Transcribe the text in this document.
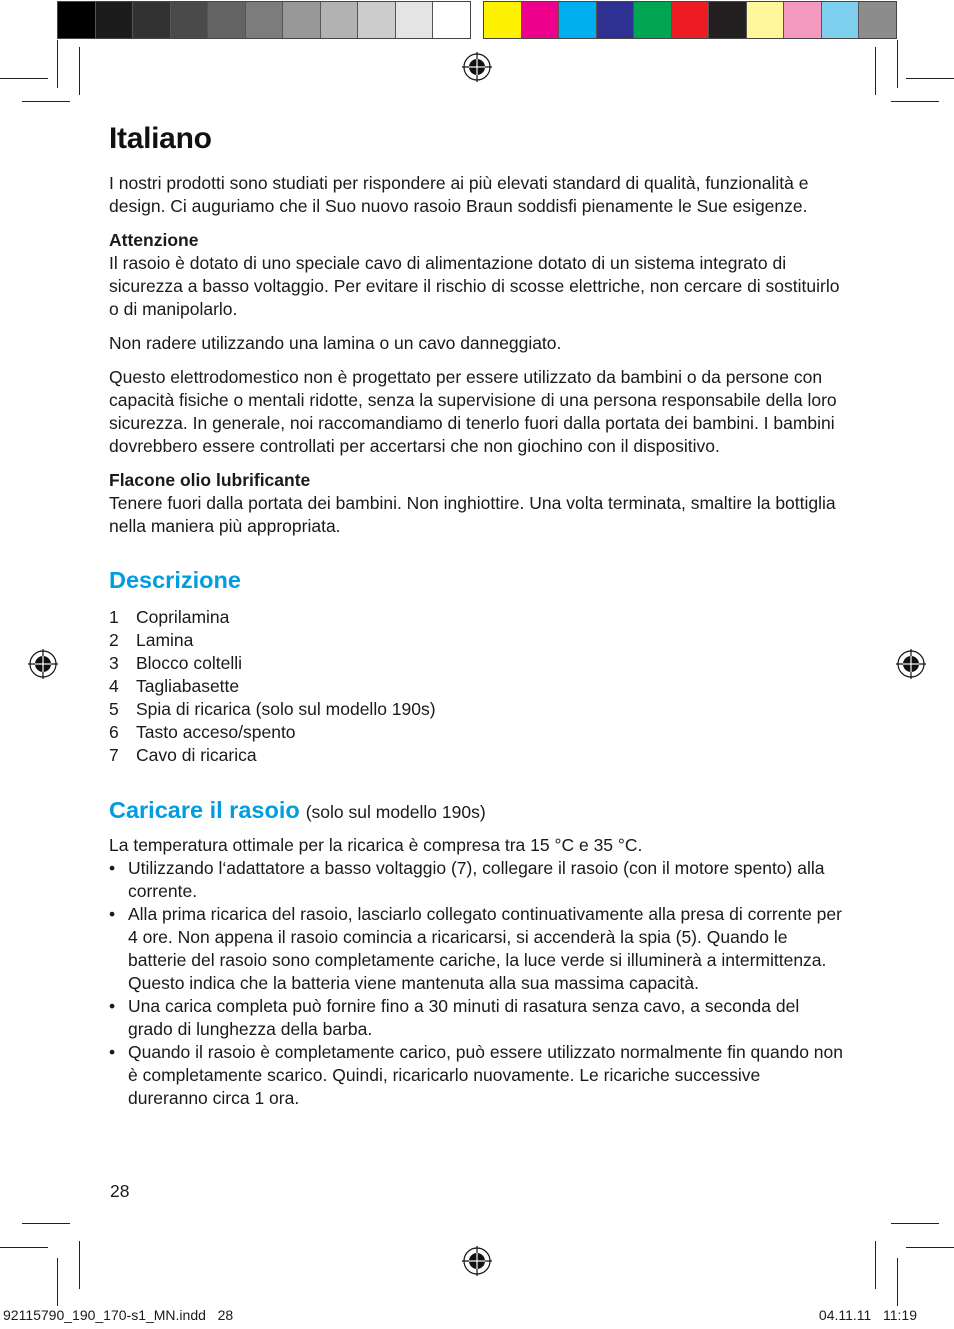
Italiano

I nostri prodotti sono studiati per rispondere ai più elevati standard di qualità, funzionalità e design. Ci auguriamo che il Suo nuovo rasoio Braun soddisfi pienamente le Sue esigenze.

Attenzione
Il rasoio è dotato di uno speciale cavo di alimentazione dotato di un sistema integrato di sicurezza a basso voltaggio. Per evitare il rischio di scosse elettriche, non cercare di sostituirlo o di manipolarlo.

Non radere utilizzando una lamina o un cavo danneggiato.

Questo elettrodomestico non è progettato per essere utilizzato da bambini o da persone con capacità fisiche o mentali ridotte, senza la supervisione di una persona responsabile della loro sicurezza. In generale, noi raccomandiamo di tenerlo fuori dalla portata dei bambini. I bambini dovrebbero essere controllati per accertarsi che non giochino con il dispositivo.

Flacone olio lubrificante
Tenere fuori dalla portata dei bambini. Non inghiottire. Una volta terminata, smaltire la bottiglia nella maniera più appropriata.

Descrizione
1 Coprilamina
2 Lamina
3 Blocco coltelli
4 Tagliabasette
5 Spia di ricarica (solo sul modello 190s)
6 Tasto acceso/spento
7 Cavo di ricarica
Caricare il rasoio (solo sul modello 190s)

La temperatura ottimale per la ricarica è compresa tra 15 °C e 35 °C.

• Utilizzando l‘adattatore a basso voltaggio (7), collegare il rasoio (con il motore spento) alla corrente.
• Alla prima ricarica del rasoio, lasciarlo collegato continuativamente alla presa di corrente per 4 ore. Non appena il rasoio comincia a ricaricarsi, si accenderà la spia (5). Quando le batterie del rasoio sono completamente cariche, la luce verde si illuminerà a intermittenza. Questo indica che la batteria viene mantenuta alla sua massima capacità.
• Una carica completa può fornire fino a 30 minuti di rasatura senza cavo, a seconda del grado di lunghezza della barba.
• Quando il rasoio è completamente carico, può essere utilizzato normalmente fin quando non è completamente scarico. Quindi, ricaricarlo nuovamente. Le ricariche successive dureranno circa 1 ora.
28
92115790_190_170-s1_MN.indd   28	04.11.11   11:19
